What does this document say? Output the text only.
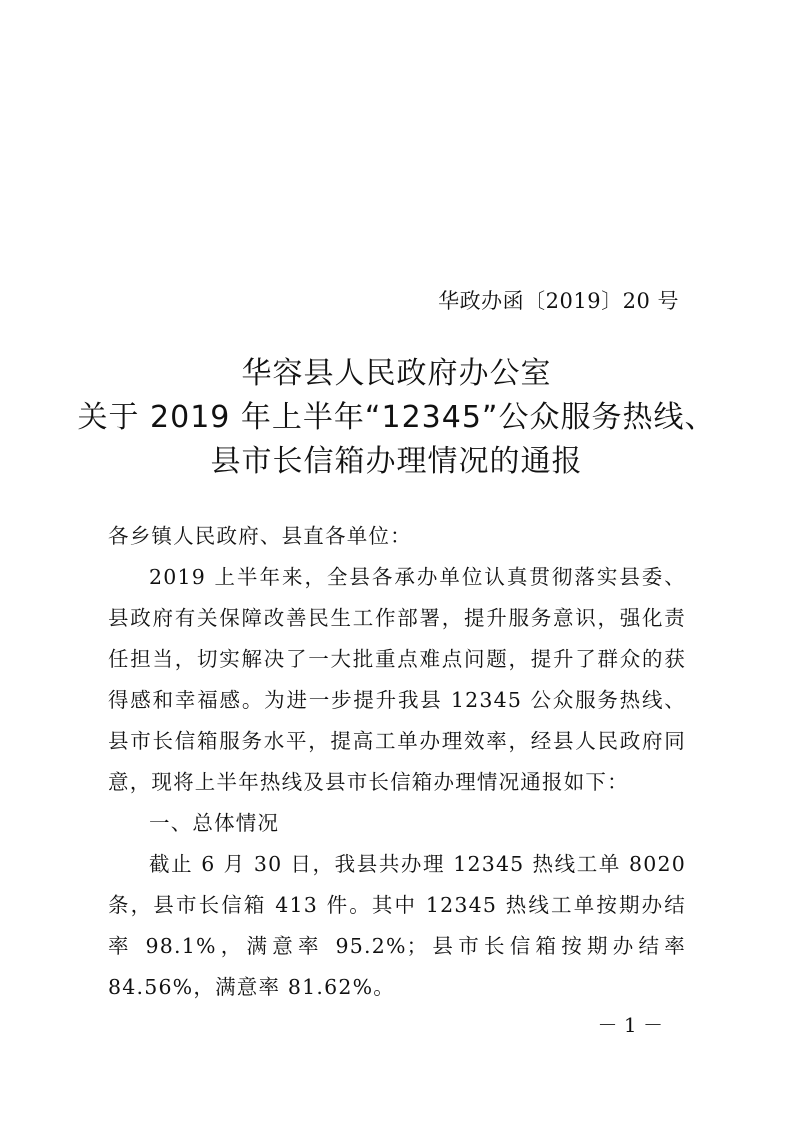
华政办函〔2019〕20 号
华容县人民政府办公室
关于 2019 年上半年“12345”公众服务热线、
县市长信箱办理情况的通报

各乡镇人民政府、县直各单位：

2019 上半年来，全县各承办单位认真贯彻落实县委、县政府有关保障改善民生工作部署，提升服务意识，强化责任担当，切实解决了一大批重点难点问题，提升了群众的获得感和幸福感。为进一步提升我县 12345 公众服务热线、县市长信箱服务水平，提高工单办理效率，经县人民政府同意，现将上半年热线及县市长信箱办理情况通报如下：

一、总体情况

截止 6 月 30 日，我县共办理 12345 热线工单 8020 条，县市长信箱 413 件。其中 12345 热线工单按期办结率 98.1%，满意率 95.2%；县市长信箱按期办结率 84.56%，满意率 81.62%。

－ 1 －
